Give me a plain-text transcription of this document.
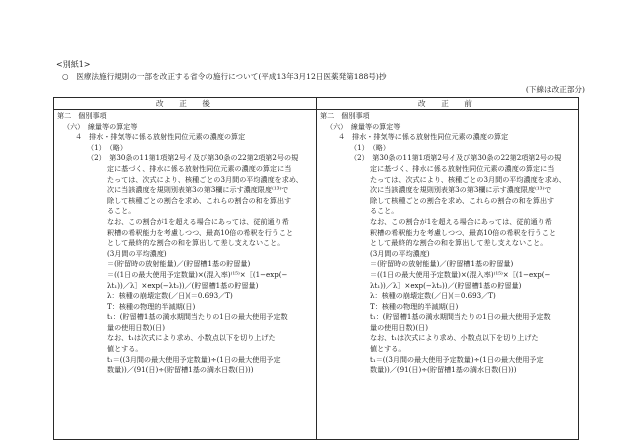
<別紙1>
○　医療法施行規則の一部を改正する省令の施行について(平成13年3月12日医薬発第188号)抄
(下線は改正部分)
改　正　後	改　正　前
第二　個別事項
（六）　線量等の算定等
４　排水・排気等に係る放射性同位元素の濃度の算定
（1）　（略）
（2）　第30条の11第1項第2号イ及び第30条の22第2項第2号の規
定に基づく、排水に係る放射性同位元素の濃度の算定に当
たっては、次式により、核種ごとの3月間の平均濃度を求め、
次に当該濃度を規則別表第3の第3欄に示す濃度限度⁽¹³⁾で
除して核種ごとの割合を求め、これらの割合の和を算出す
ること。
なお、この割合が1を超える場合にあっては、従前通り希
釈槽の希釈能力を考慮しつつ、最高10倍の希釈を行うこと
として最終的な割合の和を算出して差し支えないこと。
(3月間の平均濃度)
＝(貯留時の放射能量)／(貯留槽1基の貯留量)
＝((1日の最大使用予定数量)×(混入率)⁽¹⁵⁾×［(1−exp(−
λt₁))／λ］×exp(−λt₂))／(貯留槽1基の貯留量)
λ：核種の崩壊定数(／日)(＝0.693／T)
T：核種の物理的半減期(日)
t₁：(貯留槽1基の満水期間当たりの1日の最大使用予定数
量の使用日数)(日)
なお、t₁は次式により求め、小数点以下を切り上げた
値とする。
t₁＝((3月間の最大使用予定数量)÷(1日の最大使用予定
数量))／(91(日)÷(貯留槽1基の満水日数(日)))
第二　個別事項
（六）　線量等の算定等
４　排水・排気等に係る放射性同位元素の濃度の算定
（1）　（略）
（2）　第30条の11第1項第2号イ及び第30条の22第2項第2号の規
定に基づく、排水に係る放射性同位元素の濃度の算定に当
たっては、次式により、核種ごとの3月間の平均濃度を求め、
次に当該濃度を規則別表第3の第3欄に示す濃度限度⁽¹³⁾で
除して核種ごとの割合を求め、これらの割合の和を算出す
ること。
なお、この割合が1を超える場合にあっては、従前通り希
釈槽の希釈能力を考慮しつつ、最高10倍の希釈を行うこと
として最終的な割合の和を算出して差し支えないこと。
(3月間の平均濃度)
＝(貯留時の放射能量)／(貯留槽1基の貯留量)
＝((1日の最大使用予定数量)×(混入率)⁽¹⁵⁾×［(1−exp(−
λt₁))／λ］×exp(−λt₂))／(貯留槽1基の貯留量)
λ：核種の崩壊定数(／日)(＝0.693／T)
T：核種の物理的半減期(日)
t₁：(貯留槽1基の満水期間当たりの1日の最大使用予定数
量の使用日数)(日)
なお、t₁は次式により求め、小数点以下を切り上げた
値とする。
t₁＝((3月間の最大使用予定数量)÷(1日の最大使用予定
数量))／(91(日)÷(貯留槽1基の満水日数(日)))
